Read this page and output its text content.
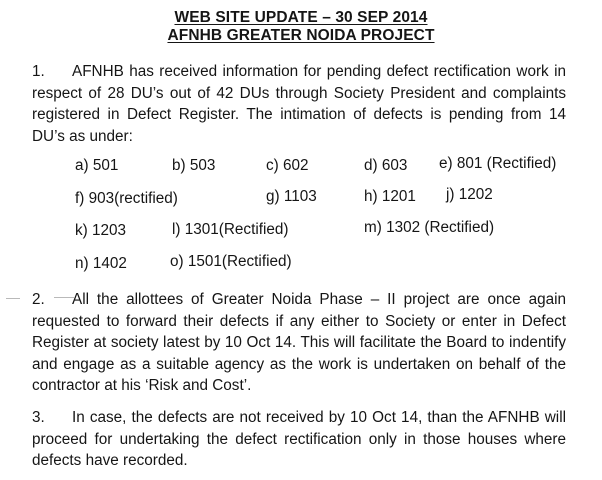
WEB SITE UPDATE – 30 SEP 2014
AFNHB GREATER NOIDA PROJECT
1. AFNHB has received information for pending defect rectification work in respect of 28 DU’s out of 42 DUs through Society President and complaints registered in Defect Register. The intimation of defects is pending from 14 DU’s as under:
a) 501	b) 503	c) 602	d) 603 e) 801 (Rectified)
f) 903(rectified)	g) 1103	h) 1201 j) 1202
k) 1203	l) 1301(Rectified)	m) 1302 (Rectified)
n) 1402	o) 1501(Rectified)
2. All the allottees of Greater Noida Phase – II project are once again requested to forward their defects if any either to Society or enter in Defect Register at society latest by 10 Oct 14. This will facilitate the Board to indentify and engage as a suitable agency as the work is undertaken on behalf of the contractor at his ‘Risk and Cost’.
3. In case, the defects are not received by 10 Oct 14, than the AFNHB will proceed for undertaking the defect rectification only in those houses where defects have recorded.
